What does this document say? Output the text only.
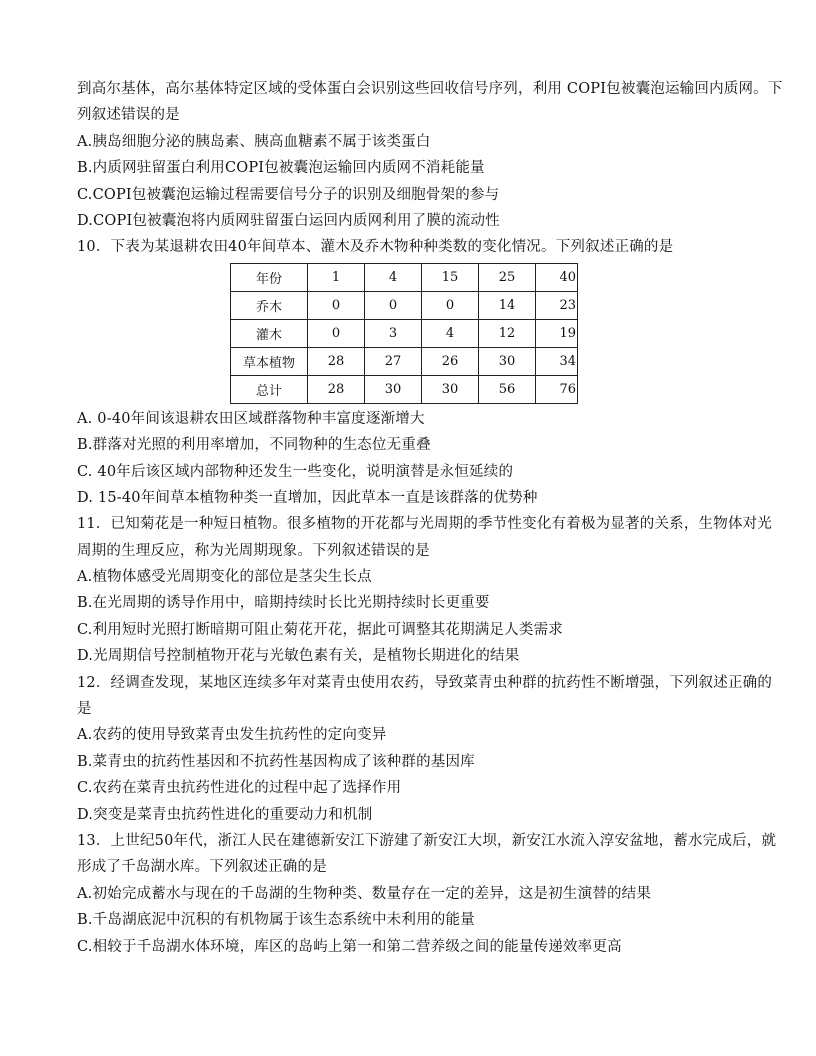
到高尔基体，高尔基体特定区域的受体蛋白会识别这些回收信号序列，利用 COPI包被囊泡运输回内质网。下
列叙述错误的是
A.胰岛细胞分泌的胰岛素、胰高血糖素不属于该类蛋白
B.内质网驻留蛋白利用COPI包被囊泡运输回内质网不消耗能量
C.COPI包被囊泡运输过程需要信号分子的识别及细胞骨架的参与
D.COPI包被囊泡将内质网驻留蛋白运回内质网利用了膜的流动性
10．下表为某退耕农田40年间草本、灌木及乔木物种种类数的变化情况。下列叙述正确的是
年份	1	4	15	25	40
乔木	0	0	0	14	23
灌木	0	3	4	12	19
草本植物	28	27	26	30	34
总计	28	30	30	56	76
A. 0-40年间该退耕农田区域群落物种丰富度逐渐增大
B.群落对光照的利用率增加，不同物种的生态位无重叠
C. 40年后该区域内部物种还发生一些变化，说明演替是永恒延续的
D. 15-40年间草本植物种类一直增加，因此草本一直是该群落的优势种
11．已知菊花是一种短日植物。很多植物的开花都与光周期的季节性变化有着极为显著的关系，生物体对光
周期的生理反应，称为光周期现象。下列叙述错误的是
A.植物体感受光周期变化的部位是茎尖生长点
B.在光周期的诱导作用中，暗期持续时长比光期持续时长更重要
C.利用短时光照打断暗期可阻止菊花开花，据此可调整其花期满足人类需求
D.光周期信号控制植物开花与光敏色素有关，是植物长期进化的结果
12．经调查发现，某地区连续多年对菜青虫使用农药，导致菜青虫种群的抗药性不断增强，下列叙述正确的
是
A.农药的使用导致菜青虫发生抗药性的定向变异
B.菜青虫的抗药性基因和不抗药性基因构成了该种群的基因库
C.农药在菜青虫抗药性进化的过程中起了选择作用
D.突变是菜青虫抗药性进化的重要动力和机制
13．上世纪50年代，浙江人民在建德新安江下游建了新安江大坝，新安江水流入淳安盆地，蓄水完成后，就
形成了千岛湖水库。下列叙述正确的是
A.初始完成蓄水与现在的千岛湖的生物种类、数量存在一定的差异，这是初生演替的结果
B.千岛湖底泥中沉积的有机物属于该生态系统中未利用的能量
C.相较于千岛湖水体环境，库区的岛屿上第一和第二营养级之间的能量传递效率更高
